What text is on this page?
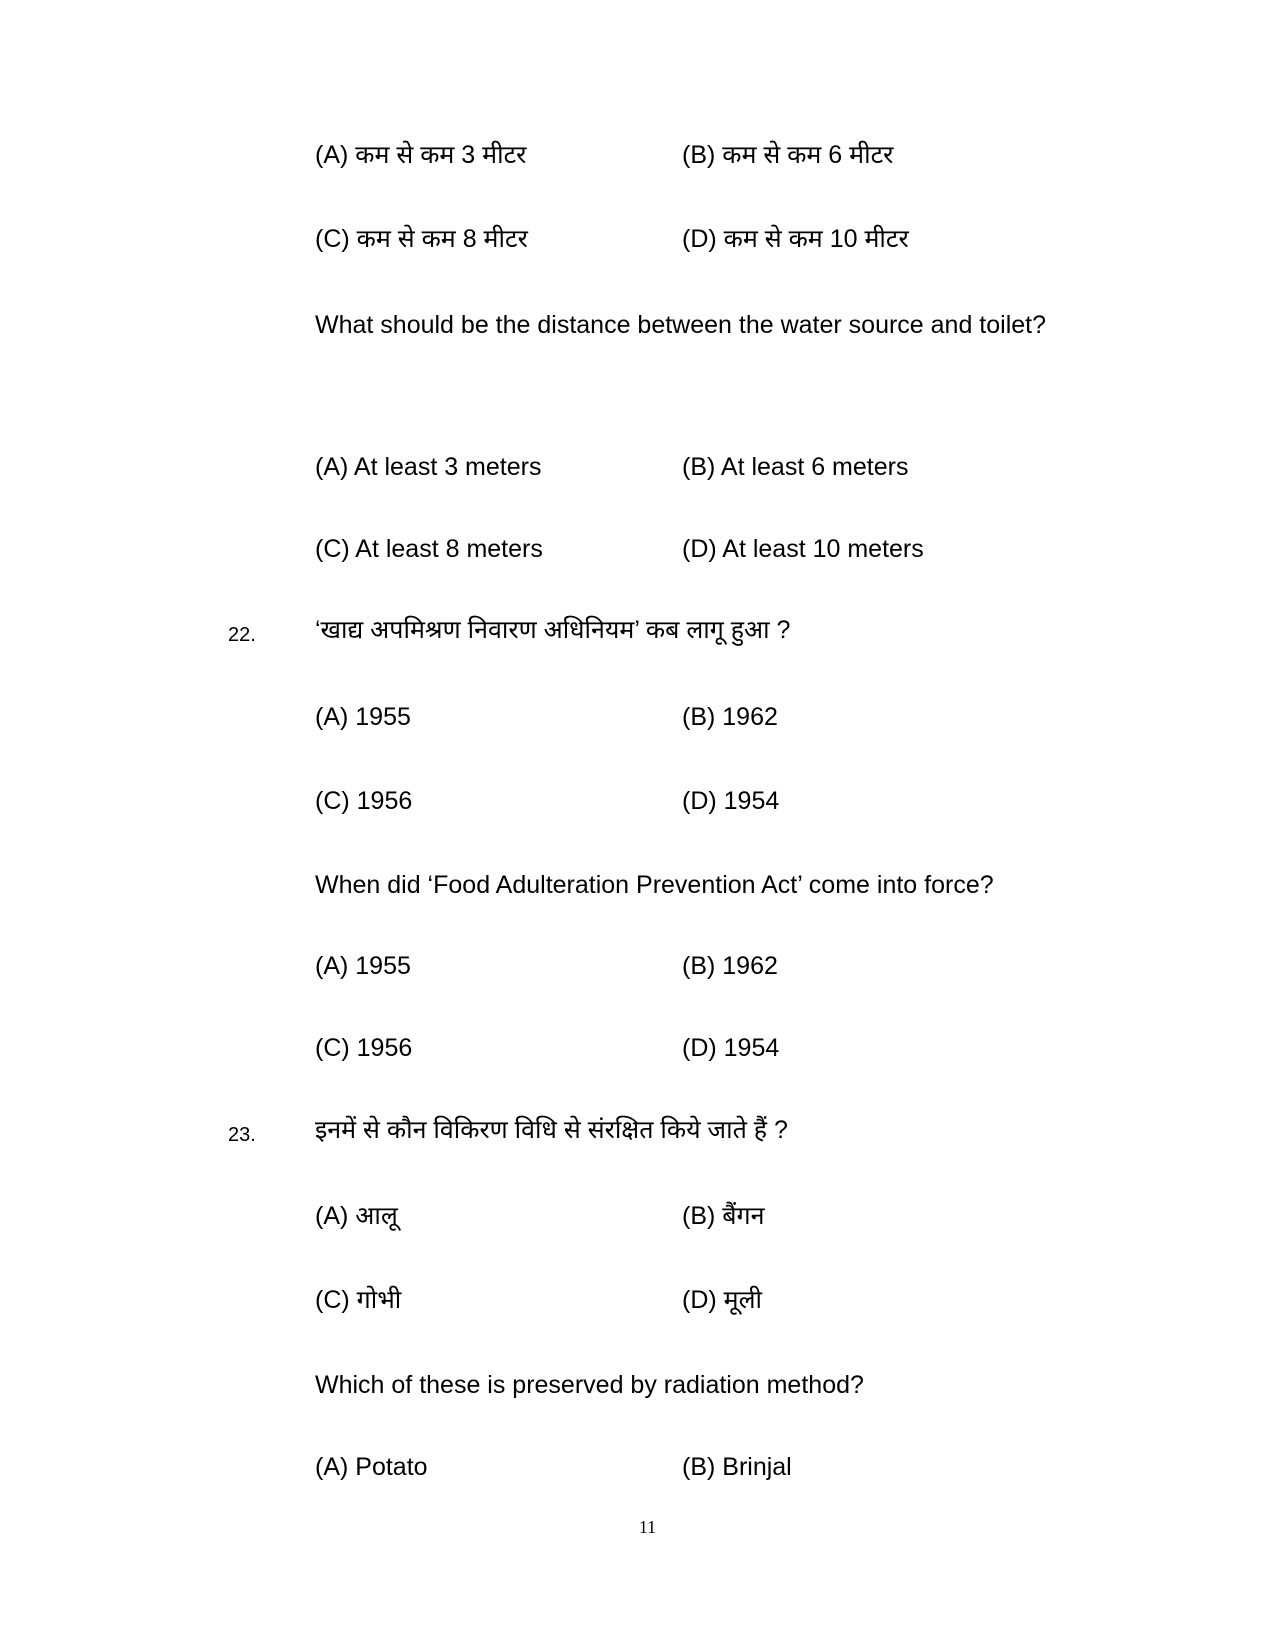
(A) कम से कम 3 मीटर	(B) कम से कम 6 मीटर
(C) कम से कम 8 मीटर	(D) कम से कम 10 मीटर
What should be the distance between the water source and toilet?
(A) At least 3 meters	(B) At least 6 meters
(C) At least 8 meters	(D) At least 10 meters
22. ‘खाद्य अपमिश्रण निवारण अधिनियम’ कब लागू हुआ ?
(A) 1955	(B) 1962
(C) 1956	(D) 1954
When did ‘Food Adulteration Prevention Act’ come into force?
(A) 1955	(B) 1962
(C) 1956	(D) 1954
23. इनमें से कौन विकिरण विधि से संरक्षित किये जाते हैं ?
(A) आलू	(B) बैंगन
(C) गोभी	(D) मूली
Which of these is preserved by radiation method?
(A) Potato	(B) Brinjal
11
